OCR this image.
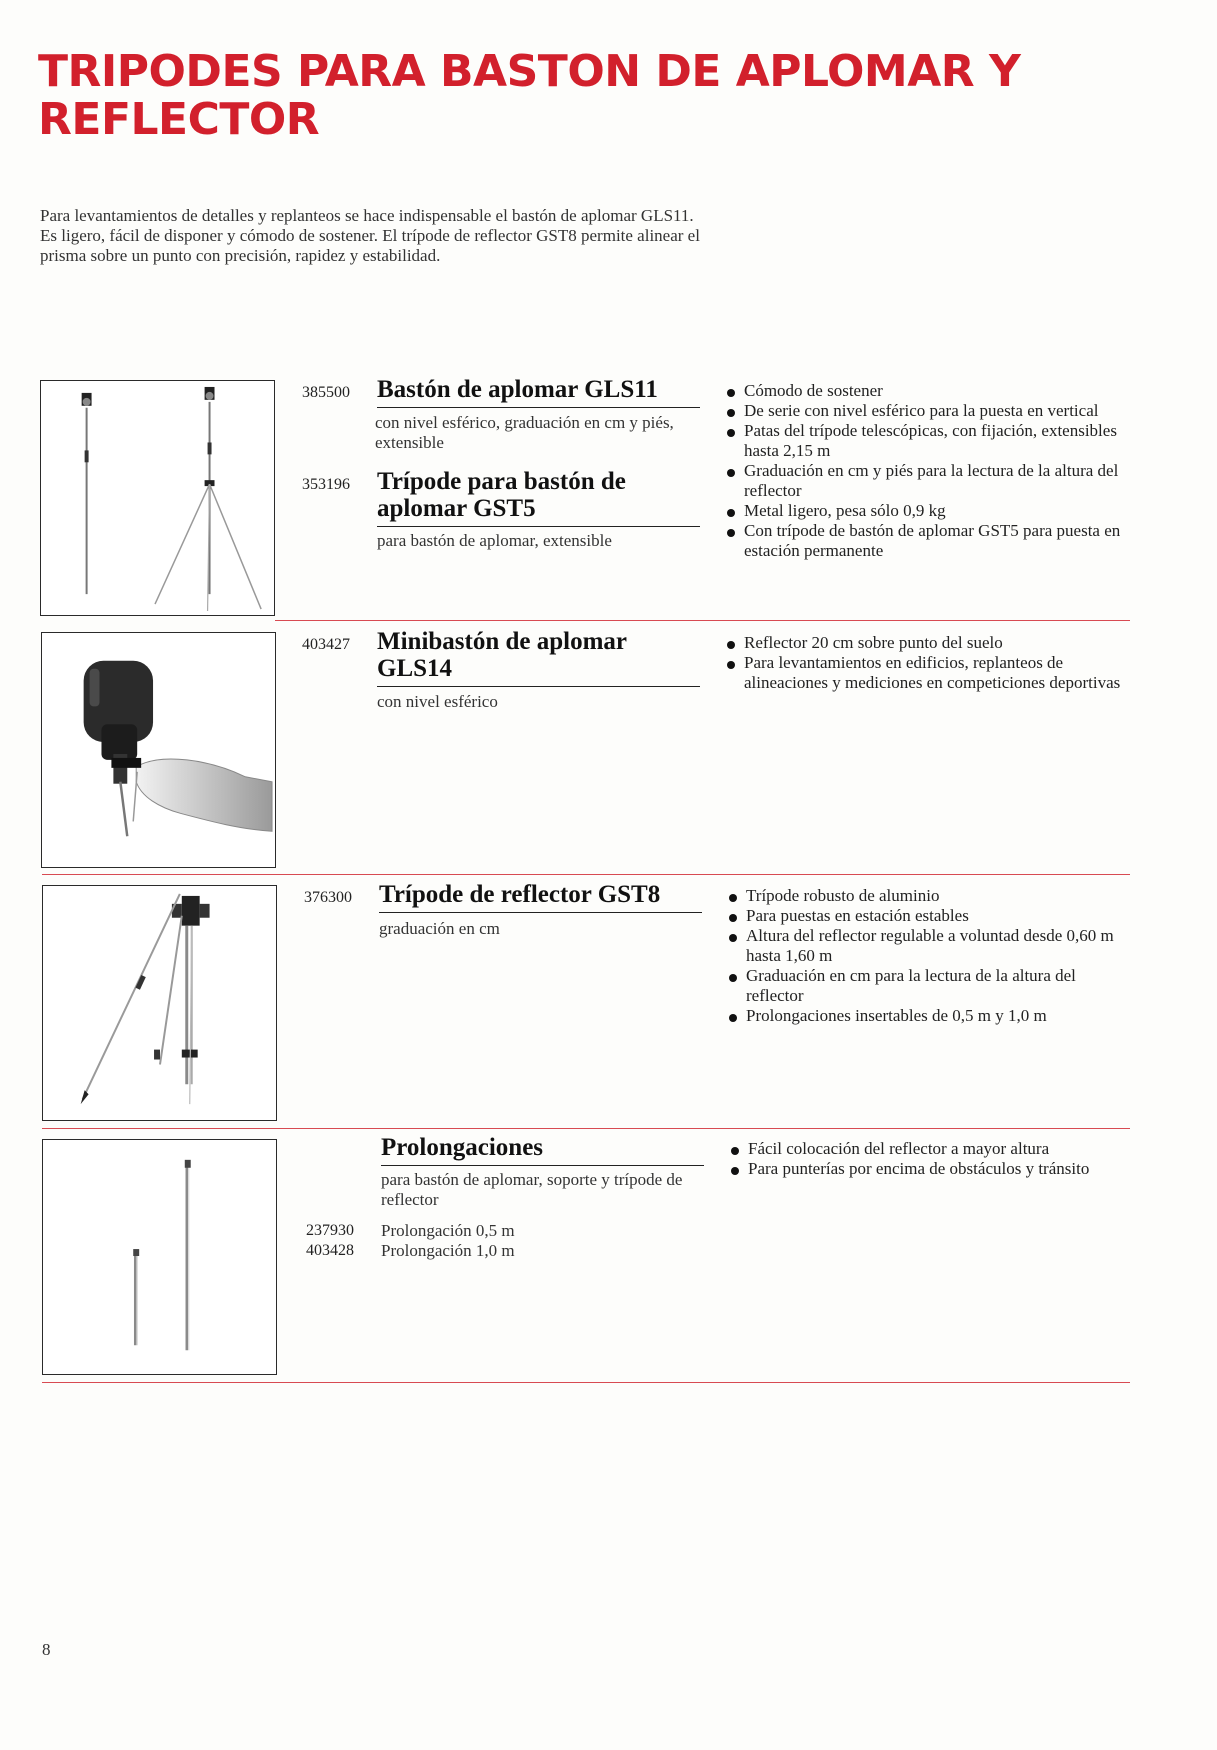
TRIPODES PARA BASTON DE APLOMAR Y
REFLECTOR

Para levantamientos de detalles y replanteos se hace indispensable el bastón de aplomar GLS11. Es ligero, fácil de disponer y cómodo de sostener. El trípode de reflector GST8 permite alinear el prisma sobre un punto con precisión, rapidez y estabilidad.

385500 Bastón de aplomar GLS11

con nivel esférico, graduación en cm y piés, extensible

353196 Trípode para bastón de
aplomar GST5

para bastón de aplomar, extensible

Cómodo de sostener
De serie con nivel esférico para la puesta en vertical
Patas del trípode telescópicas, con fijación, extensibles hasta 2,15 m
Graduación en cm y piés para la lectura de la altura del reflector
Metal ligero, pesa sólo 0,9 kg
Con trípode de bastón de aplomar GST5 para puesta en estación permanente
403427 Minibastón de aplomar
GLS14

con nivel esférico

Reflector 20 cm sobre punto del suelo
Para levantamientos en edificios, replanteos de alineaciones y mediciones en competiciones deportivas
376300 Trípode de reflector GST8

graduación en cm

Trípode robusto de aluminio
Para puestas en estación estables
Altura del reflector regulable a voluntad desde 0,60 m hasta 1,60 m
Graduación en cm para la lectura de la altura del reflector
Prolongaciones insertables de 0,5 m y 1,0 m
Prolongaciones

para bastón de aplomar, soporte y trípode de reflector

237930 Prolongación 0,5 m
403428 Prolongación 1,0 m
Fácil colocación del reflector a mayor altura
Para punterías por encima de obstáculos y tránsito
8
